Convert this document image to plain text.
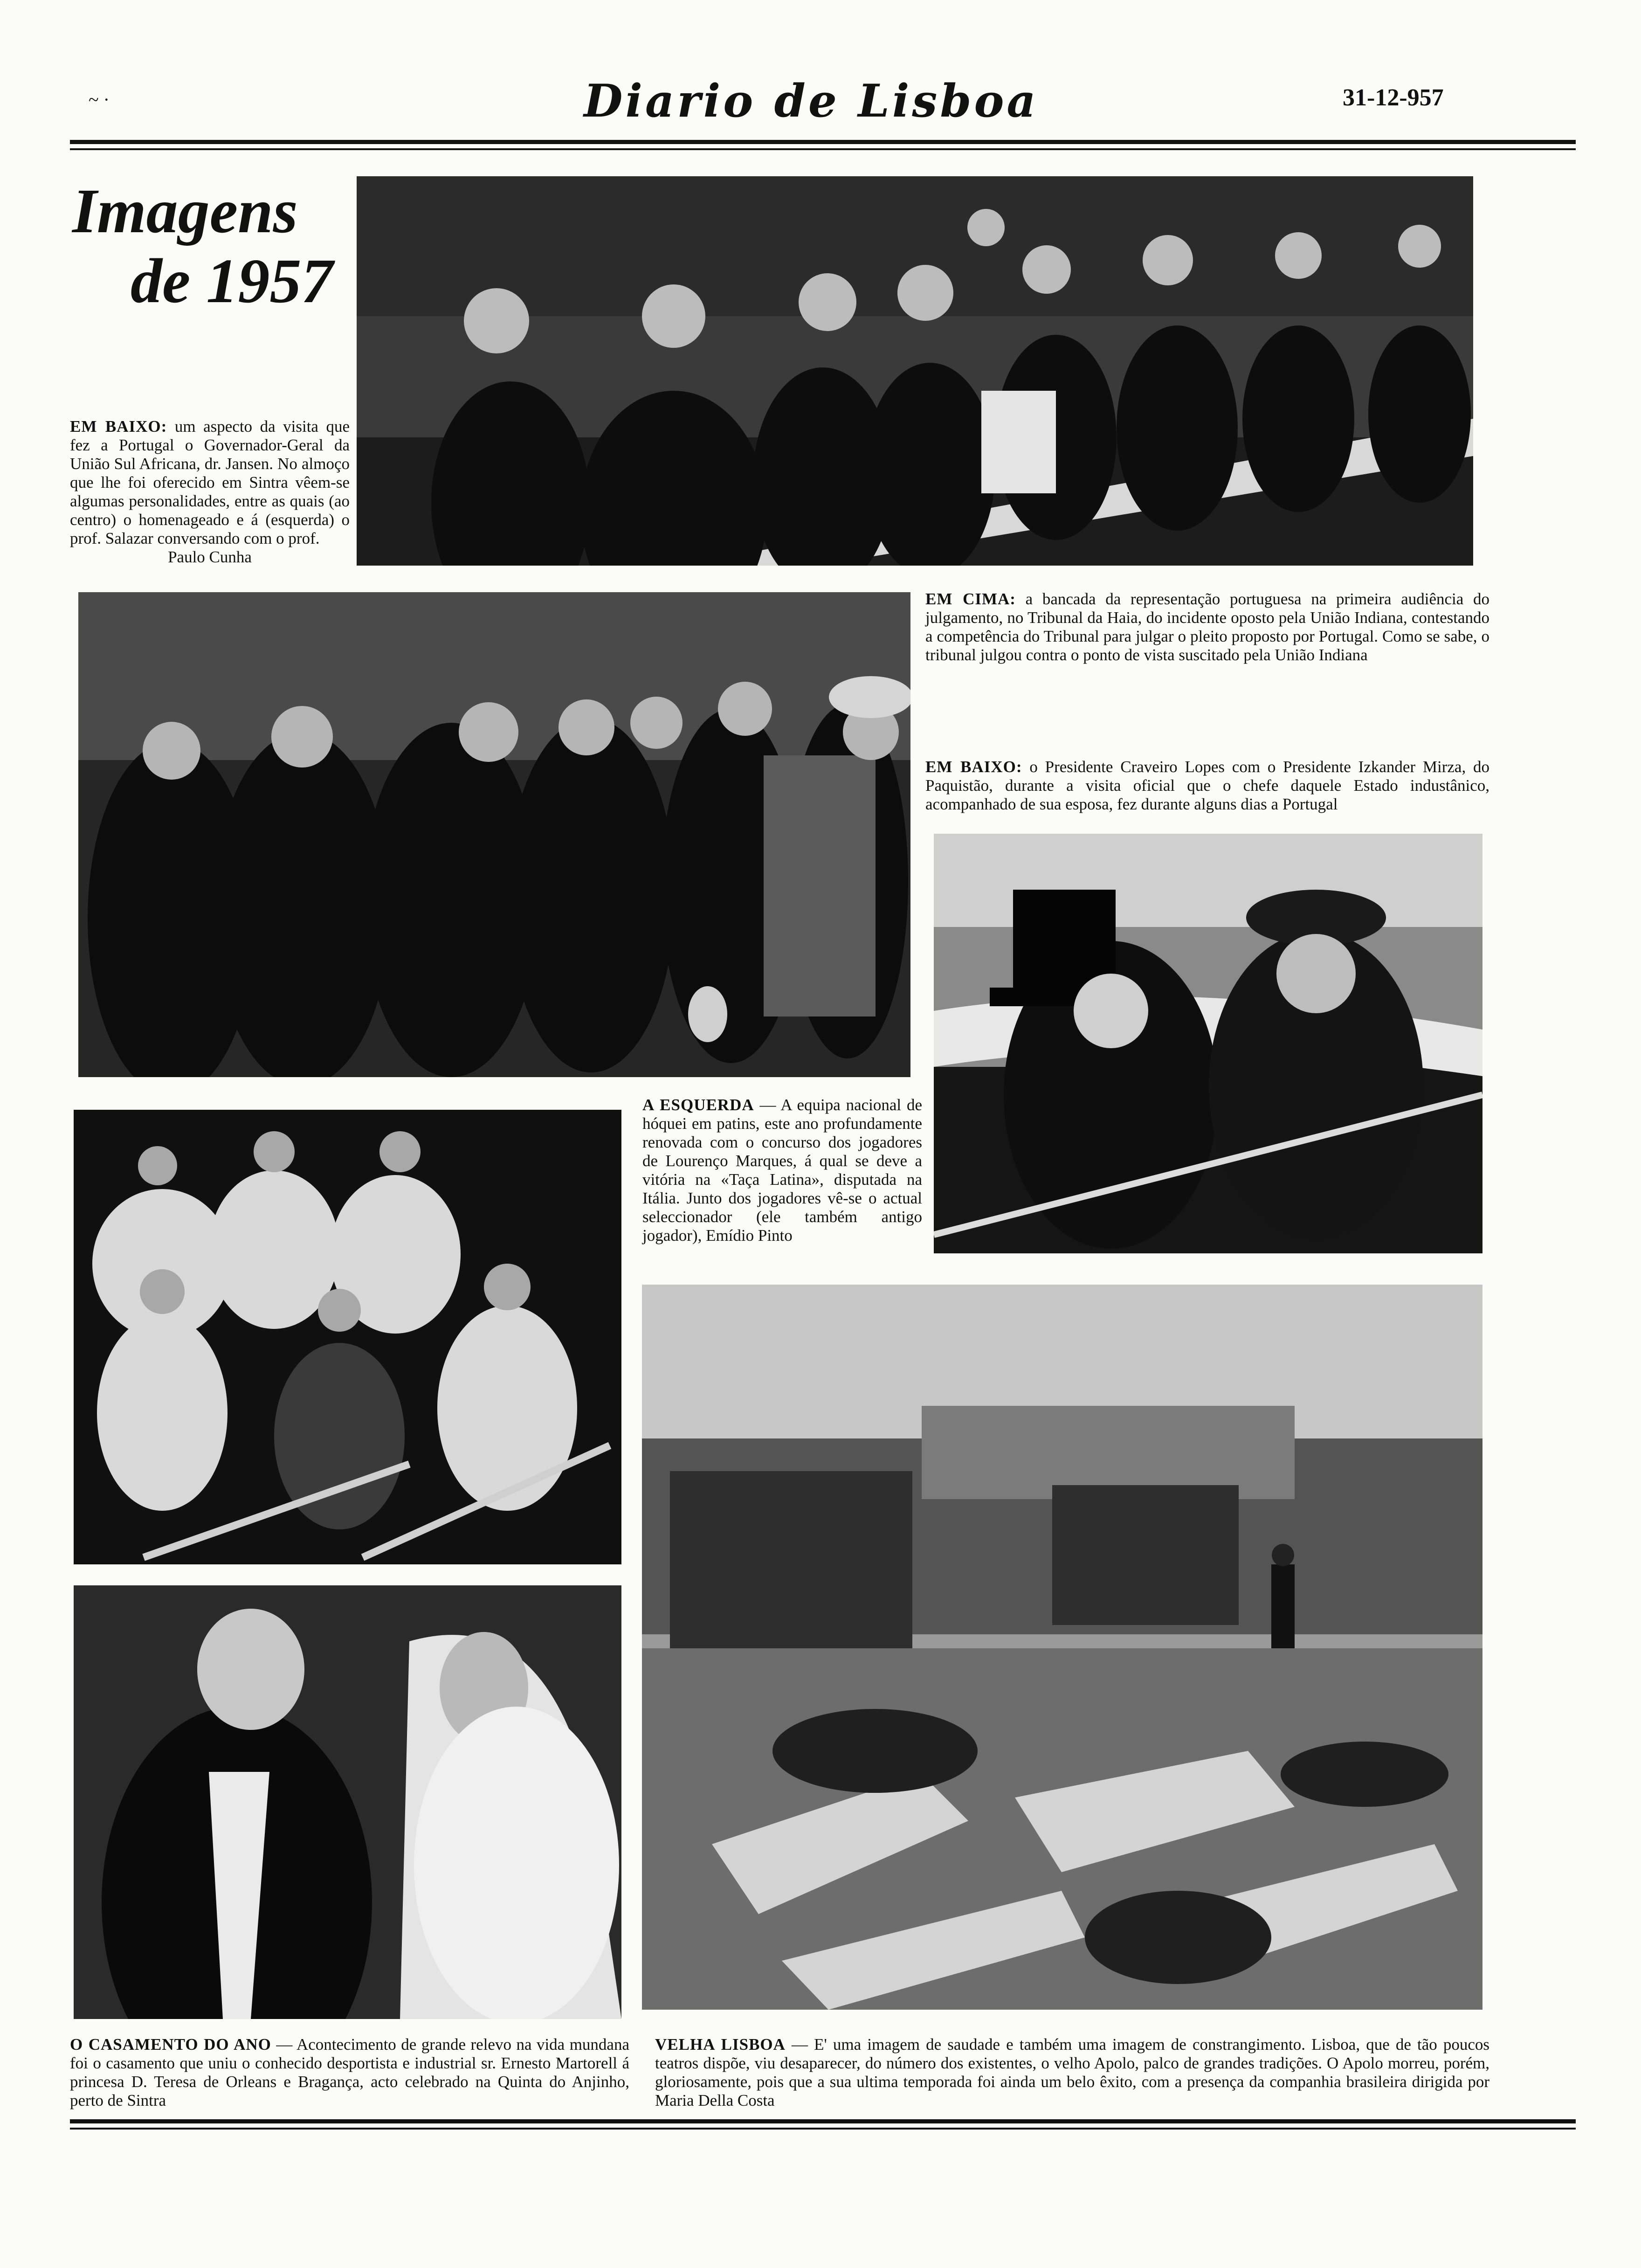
~ ·	Diario de Lisboa	31-12-957
Imagens
de 1957
EM BAIXO: um aspecto da visita que fez a Portugal o Governador-Geral da União Sul Africana, dr. Jansen. No almoço que lhe foi oferecido em Sintra vêem-se algumas personalidades, entre as quais (ao centro) o homenageado e á (esquerda) o prof. Salazar conversando com o prof.
Paulo Cunha
EM CIMA: a bancada da representação portuguesa na primeira audiência do julgamento, no Tribunal da Haia, do incidente oposto pela União Indiana, contestando a competência do Tribunal para julgar o pleito proposto por Portugal. Como se sabe, o tribunal julgou contra o ponto de vista suscitado pela União Indiana
EM BAIXO: o Presidente Craveiro Lopes com o Presidente Izkander Mirza, do Paquistão, durante a visita oficial que o chefe daquele Estado industânico, acompanhado de sua esposa, fez durante alguns dias a Portugal
A ESQUERDA — A equipa nacional de hóquei em patins, este ano profundamente renovada com o concurso dos jogadores de Lourenço Marques, á qual se deve a vitória na «Taça Latina», disputada na Itália. Junto dos jogadores vê-se o actual seleccionador (ele também antigo jogador), Emídio Pinto
O CASAMENTO DO ANO — Acontecimento de grande relevo na vida mundana foi o casamento que uniu o conhecido desportista e industrial sr. Ernesto Martorell á princesa D. Teresa de Orleans e Bragança, acto celebrado na Quinta do Anjinho, perto de Sintra
VELHA LISBOA — E' uma imagem de saudade e também uma imagem de constrangimento. Lisboa, que de tão poucos teatros dispõe, viu desaparecer, do número dos existentes, o velho Apolo, palco de grandes tradições. O Apolo morreu, porém, gloriosamente, pois que a sua ultima temporada foi ainda um belo êxito, com a presença da companhia brasileira dirigida por Maria Della Costa
